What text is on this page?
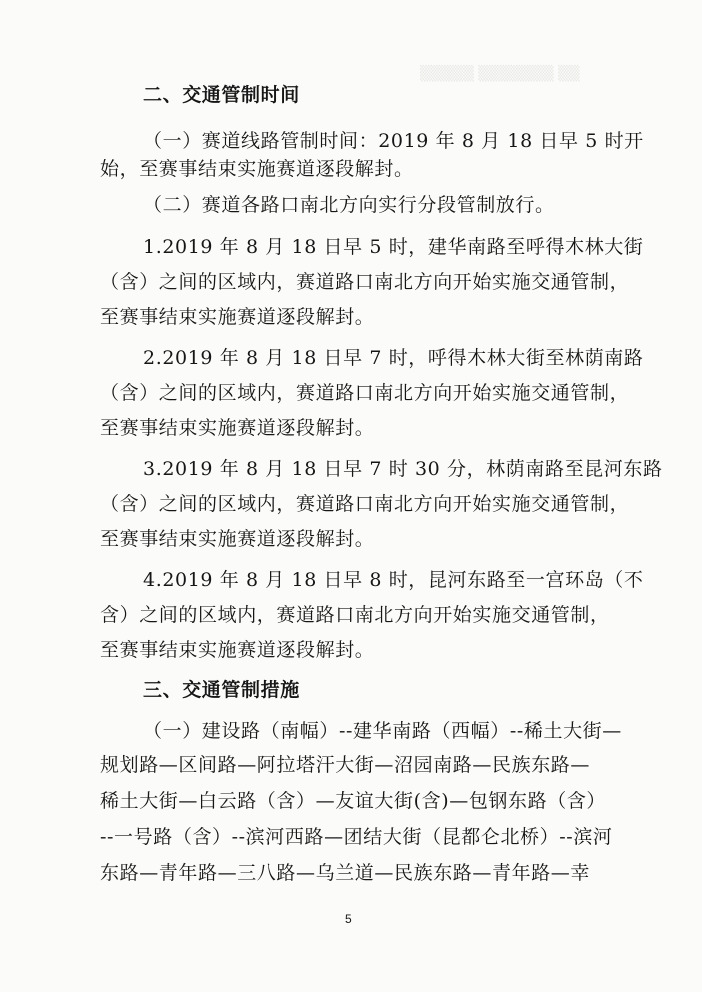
▒▒▒▒▒ ▒▒▒▒▒▒▒ ▒▒
二、交通管制时间
（一）赛道线路管制时间：2019 年 8 月 18 日早 5 时开
始，至赛事结束实施赛道逐段解封。
（二）赛道各路口南北方向实行分段管制放行。
1.2019 年 8 月 18 日早 5 时，建华南路至呼得木林大街
（含）之间的区域内，赛道路口南北方向开始实施交通管制，
至赛事结束实施赛道逐段解封。
2.2019 年 8 月 18 日早 7 时，呼得木林大街至林荫南路
（含）之间的区域内，赛道路口南北方向开始实施交通管制，
至赛事结束实施赛道逐段解封。
3.2019 年 8 月 18 日早 7 时 30 分，林荫南路至昆河东路
（含）之间的区域内，赛道路口南北方向开始实施交通管制，
至赛事结束实施赛道逐段解封。
4.2019 年 8 月 18 日早 8 时，昆河东路至一宫环岛（不
含）之间的区域内，赛道路口南北方向开始实施交通管制，
至赛事结束实施赛道逐段解封。
三、交通管制措施
（一）建设路（南幅）--建华南路（西幅）--稀土大街—
规划路—区间路—阿拉塔汗大街—沼园南路—民族东路—
稀土大街—白云路（含）—友谊大街(含)—包钢东路（含）
--一号路（含）--滨河西路—团结大街（昆都仑北桥）--滨河
东路—青年路—三八路—乌兰道—民族东路—青年路—幸
5
